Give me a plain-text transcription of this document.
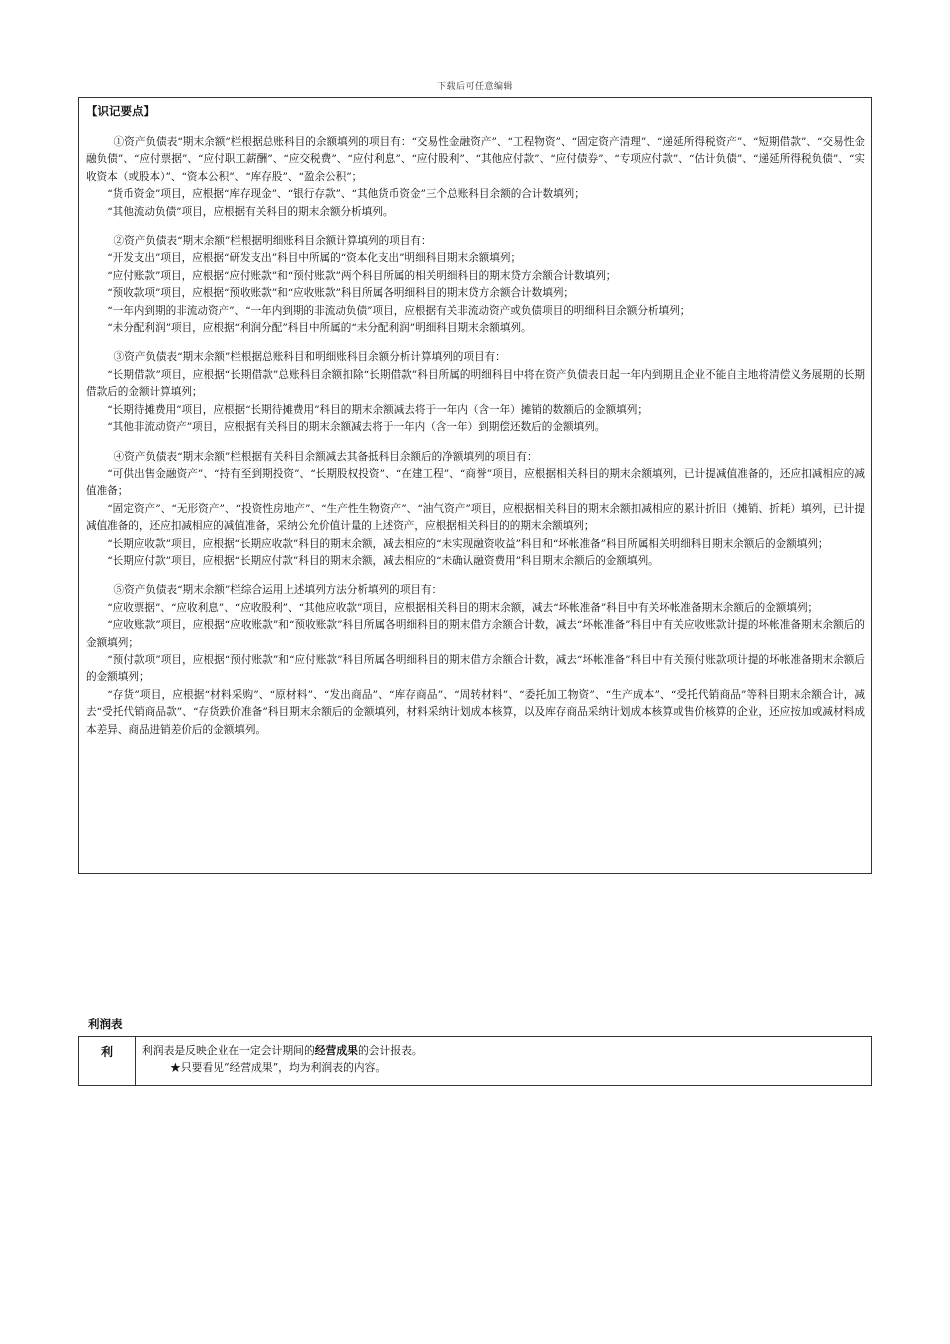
下载后可任意编辑

【识记要点】

①资产负债表“期末余额”栏根据总账科目的余额填列的项目有：“交易性金融资产”、“工程物资”、“固定资产清理”、“递延所得税资产”、“短期借款”、“交易性金融负债”、“应付票据”、“应付职工薪酬”、“应交税费”、“应付利息”、“应付股利”、“其他应付款”、“应付债券”、“专项应付款”、“估计负债”、“递延所得税负债”、“实收资本（或股本）”、“资本公积”、“库存股”、“盈余公积”；

“货币资金”项目，应根据“库存现金”、“银行存款”、“其他货币资金”三个总账科目余额的合计数填列；

“其他流动负债”项目，应根据有关科目的期末余额分析填列。

②资产负债表“期末余额”栏根据明细账科目余额计算填列的项目有：

“开发支出”项目，应根据“研发支出”科目中所属的“资本化支出”明细科目期末余额填列；

“应付账款”项目，应根据“应付账款”和“预付账款”两个科目所属的相关明细科目的期末贷方余额合计数填列；

“预收款项”项目，应根据“预收账款”和“应收账款”科目所属各明细科目的期末贷方余额合计数填列；

“一年内到期的非流动资产”、“一年内到期的非流动负债”项目，应根据有关非流动资产或负债项目的明细科目余额分析填列；

“未分配利润”项目，应根据“利润分配”科目中所属的“未分配利润”明细科目期末余额填列。

③资产负债表“期末余额”栏根据总账科目和明细账科目余额分析计算填列的项目有：

“长期借款”项目，应根据“长期借款”总账科目余额扣除“长期借款”科目所属的明细科目中将在资产负债表日起一年内到期且企业不能自主地将清偿义务展期的长期借款后的金额计算填列；

“长期待摊费用”项目，应根据“长期待摊费用”科目的期末余额减去将于一年内（含一年）摊销的数额后的金额填列；

“其他非流动资产”项目，应根据有关科目的期末余额减去将于一年内（含一年）到期偿还数后的金额填列。

④资产负债表“期末余额”栏根据有关科目余额减去其备抵科目余额后的净额填列的项目有：

“可供出售金融资产”、“持有至到期投资”、“长期股权投资”、“在建工程”、“商誉”项目，应根据相关科目的期末余额填列，已计提减值准备的，还应扣减相应的减值准备；

“固定资产”、“无形资产”、“投资性房地产”、“生产性生物资产”、“油气资产”项目，应根据相关科目的期末余额扣减相应的累计折旧（摊销、折耗）填列，已计提减值准备的，还应扣减相应的减值准备，采纳公允价值计量的上述资产，应根据相关科目的的期末余额填列；

“长期应收款”项目，应根据“长期应收款”科目的期末余额，减去相应的“未实现融资收益”科目和“坏帐准备”科目所属相关明细科目期末余额后的金额填列；

“长期应付款”项目，应根据“长期应付款”科目的期末余额，减去相应的“未确认融资费用”科目期末余额后的金额填列。

⑤资产负债表“期末余额”栏综合运用上述填列方法分析填列的项目有：

“应收票据”、“应收利息”、“应收股利”、“其他应收款”项目，应根据相关科目的期末余额，减去“坏帐准备”科目中有关坏帐准备期末余额后的金额填列；

“应收账款”项目，应根据“应收账款”和“预收账款”科目所属各明细科目的期末借方余额合计数，减去“坏帐准备”科目中有关应收账款计提的坏帐准备期末余额后的金额填列；

“预付款项”项目，应根据“预付账款”和“应付账款”科目所属各明细科目的期末借方余额合计数，减去“坏帐准备”科目中有关预付账款项计提的坏帐准备期末余额后的金额填列；

“存货”项目，应根据“材料采购”、“原材料”、“发出商品”、“库存商品”、“周转材料”、“委托加工物资”、“生产成本”、“受托代销商品”等科目期末余额合计，减去“受托代销商品款”、“存货跌价准备”科目期末余额后的金额填列，材料采纳计划成本核算，以及库存商品采纳计划成本核算或售价核算的企业，还应按加或减材料成本差异、商品进销差价后的金额填列。

利润表
利	利润表是反映企业在一定会计期间的经营成果的会计报表。
★只要看见“经营成果”，均为利润表的内容。
